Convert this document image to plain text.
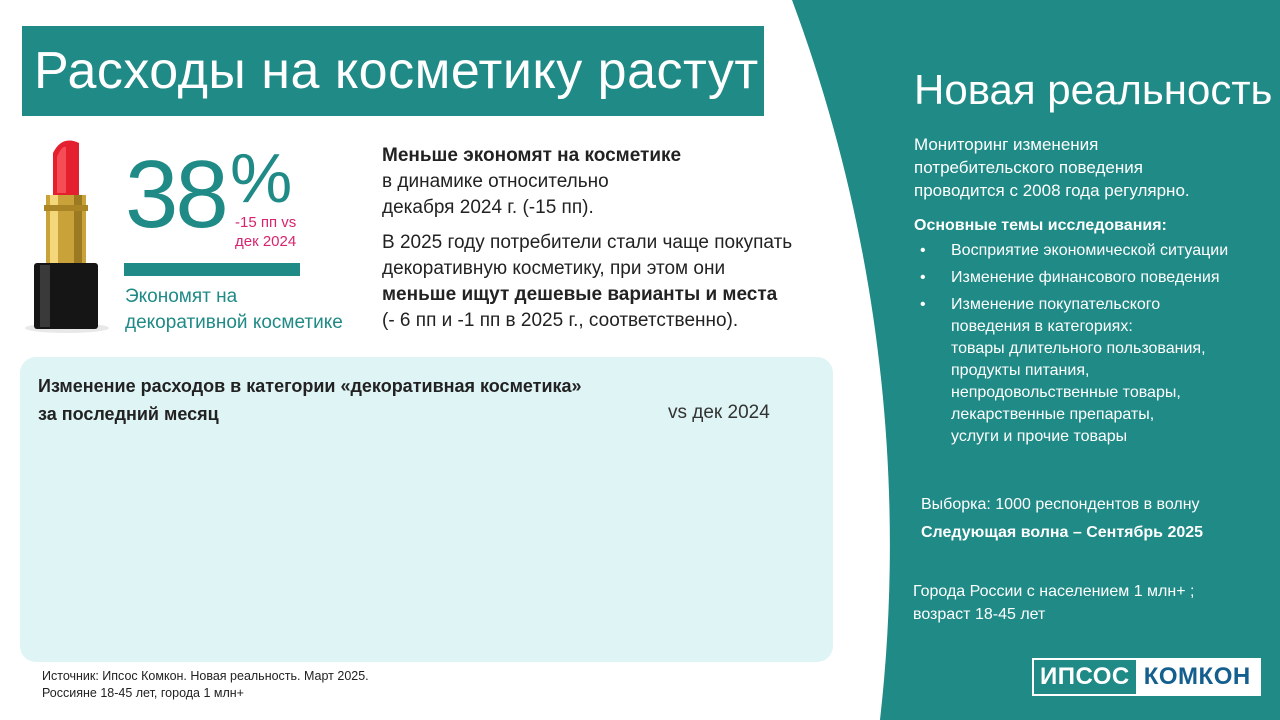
Расходы на косметику растут
38 %
-15 пп vs
дек 2024
Экономят на
декоративной косметике

Меньше экономят на косметике
в динамике относительно
декабря 2024 г. (-15 пп).

В 2025 году потребители стали чаще покупать
декоративную косметику, при этом они
меньше ищут дешевые варианты и места
(- 6 пп и -1 пп в 2025 г., соответственно).

Изменение расходов в категории «декоративная косметика»
за последний месяц	vs дек 2024
Источник: Ипсос Комкон. Новая реальность. Март 2025.
Россияне 18-45 лет, города 1 млн+
Новая реальность
Мониторинг изменения
потребительского поведения
проводится с 2008 года регулярно.
Основные темы исследования:
• Восприятие экономической ситуации
• Изменение финансового поведения
• Изменение покупательского
поведения в категориях:
товары длительного пользования,
продукты питания,
непродовольственные товары,
лекарственные препараты,
услуги и прочие товары
Выборка: 1000 респондентов в волну
Следующая волна – Сентябрь 2025
Города России с населением 1 млн+ ;
возраст 18-45 лет
ИПСОС КОМКОН
